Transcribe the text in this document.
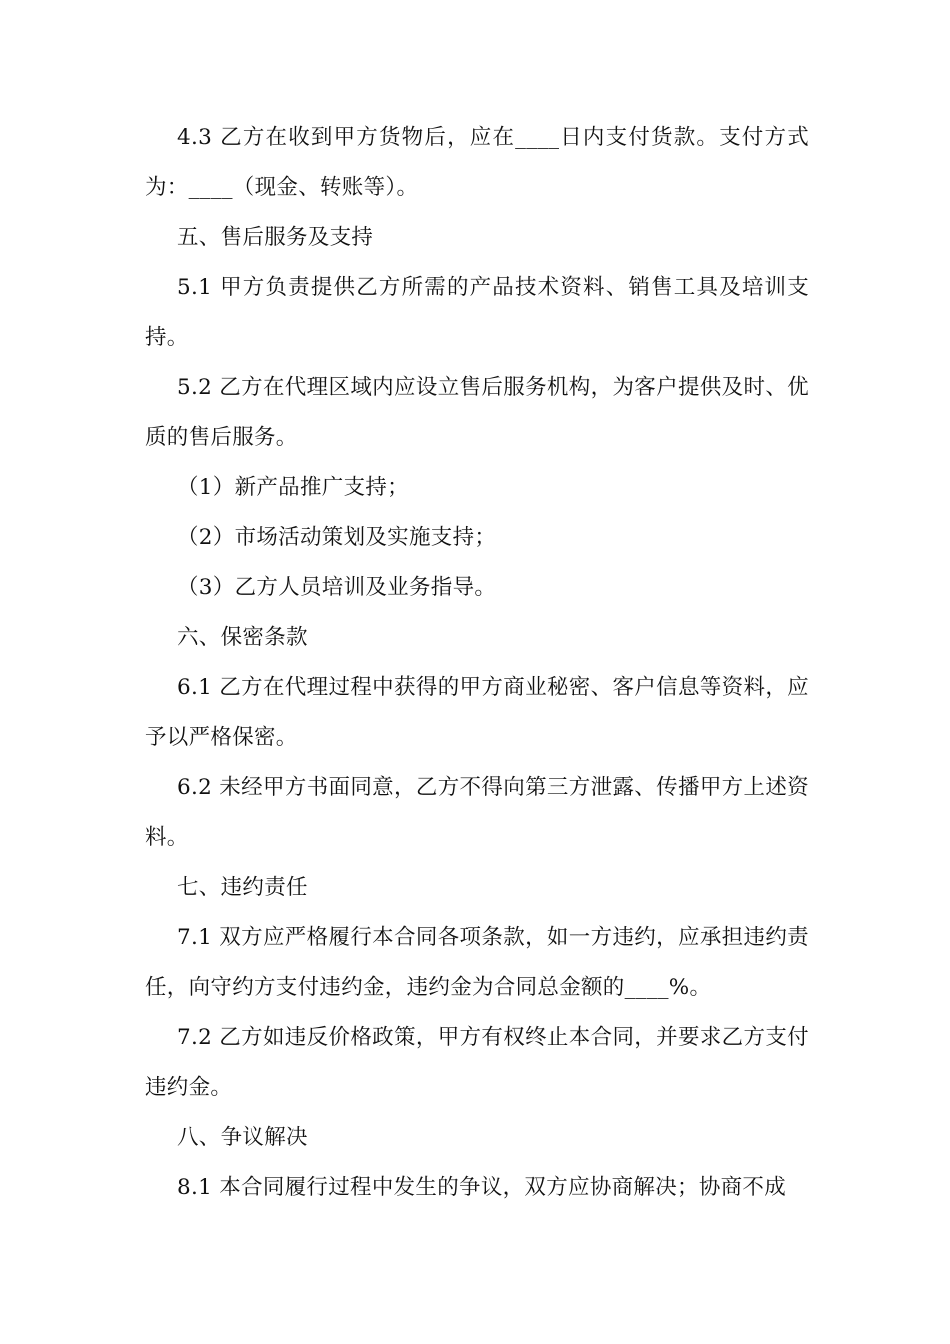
4.3 乙方在收到甲方货物后，应在____日内支付货款。支付方式为：____（现金、转账等）。

五、售后服务及支持

5.1 甲方负责提供乙方所需的产品技术资料、销售工具及培训支持。

5.2 乙方在代理区域内应设立售后服务机构，为客户提供及时、优质的售后服务。

（1）新产品推广支持；

（2）市场活动策划及实施支持；

（3）乙方人员培训及业务指导。

六、保密条款

6.1 乙方在代理过程中获得的甲方商业秘密、客户信息等资料，应予以严格保密。

6.2 未经甲方书面同意，乙方不得向第三方泄露、传播甲方上述资料。

七、违约责任

7.1 双方应严格履行本合同各项条款，如一方违约，应承担违约责任，向守约方支付违约金，违约金为合同总金额的____%。

7.2 乙方如违反价格政策，甲方有权终止本合同，并要求乙方支付违约金。

八、争议解决

8.1 本合同履行过程中发生的争议，双方应协商解决；协商不成
